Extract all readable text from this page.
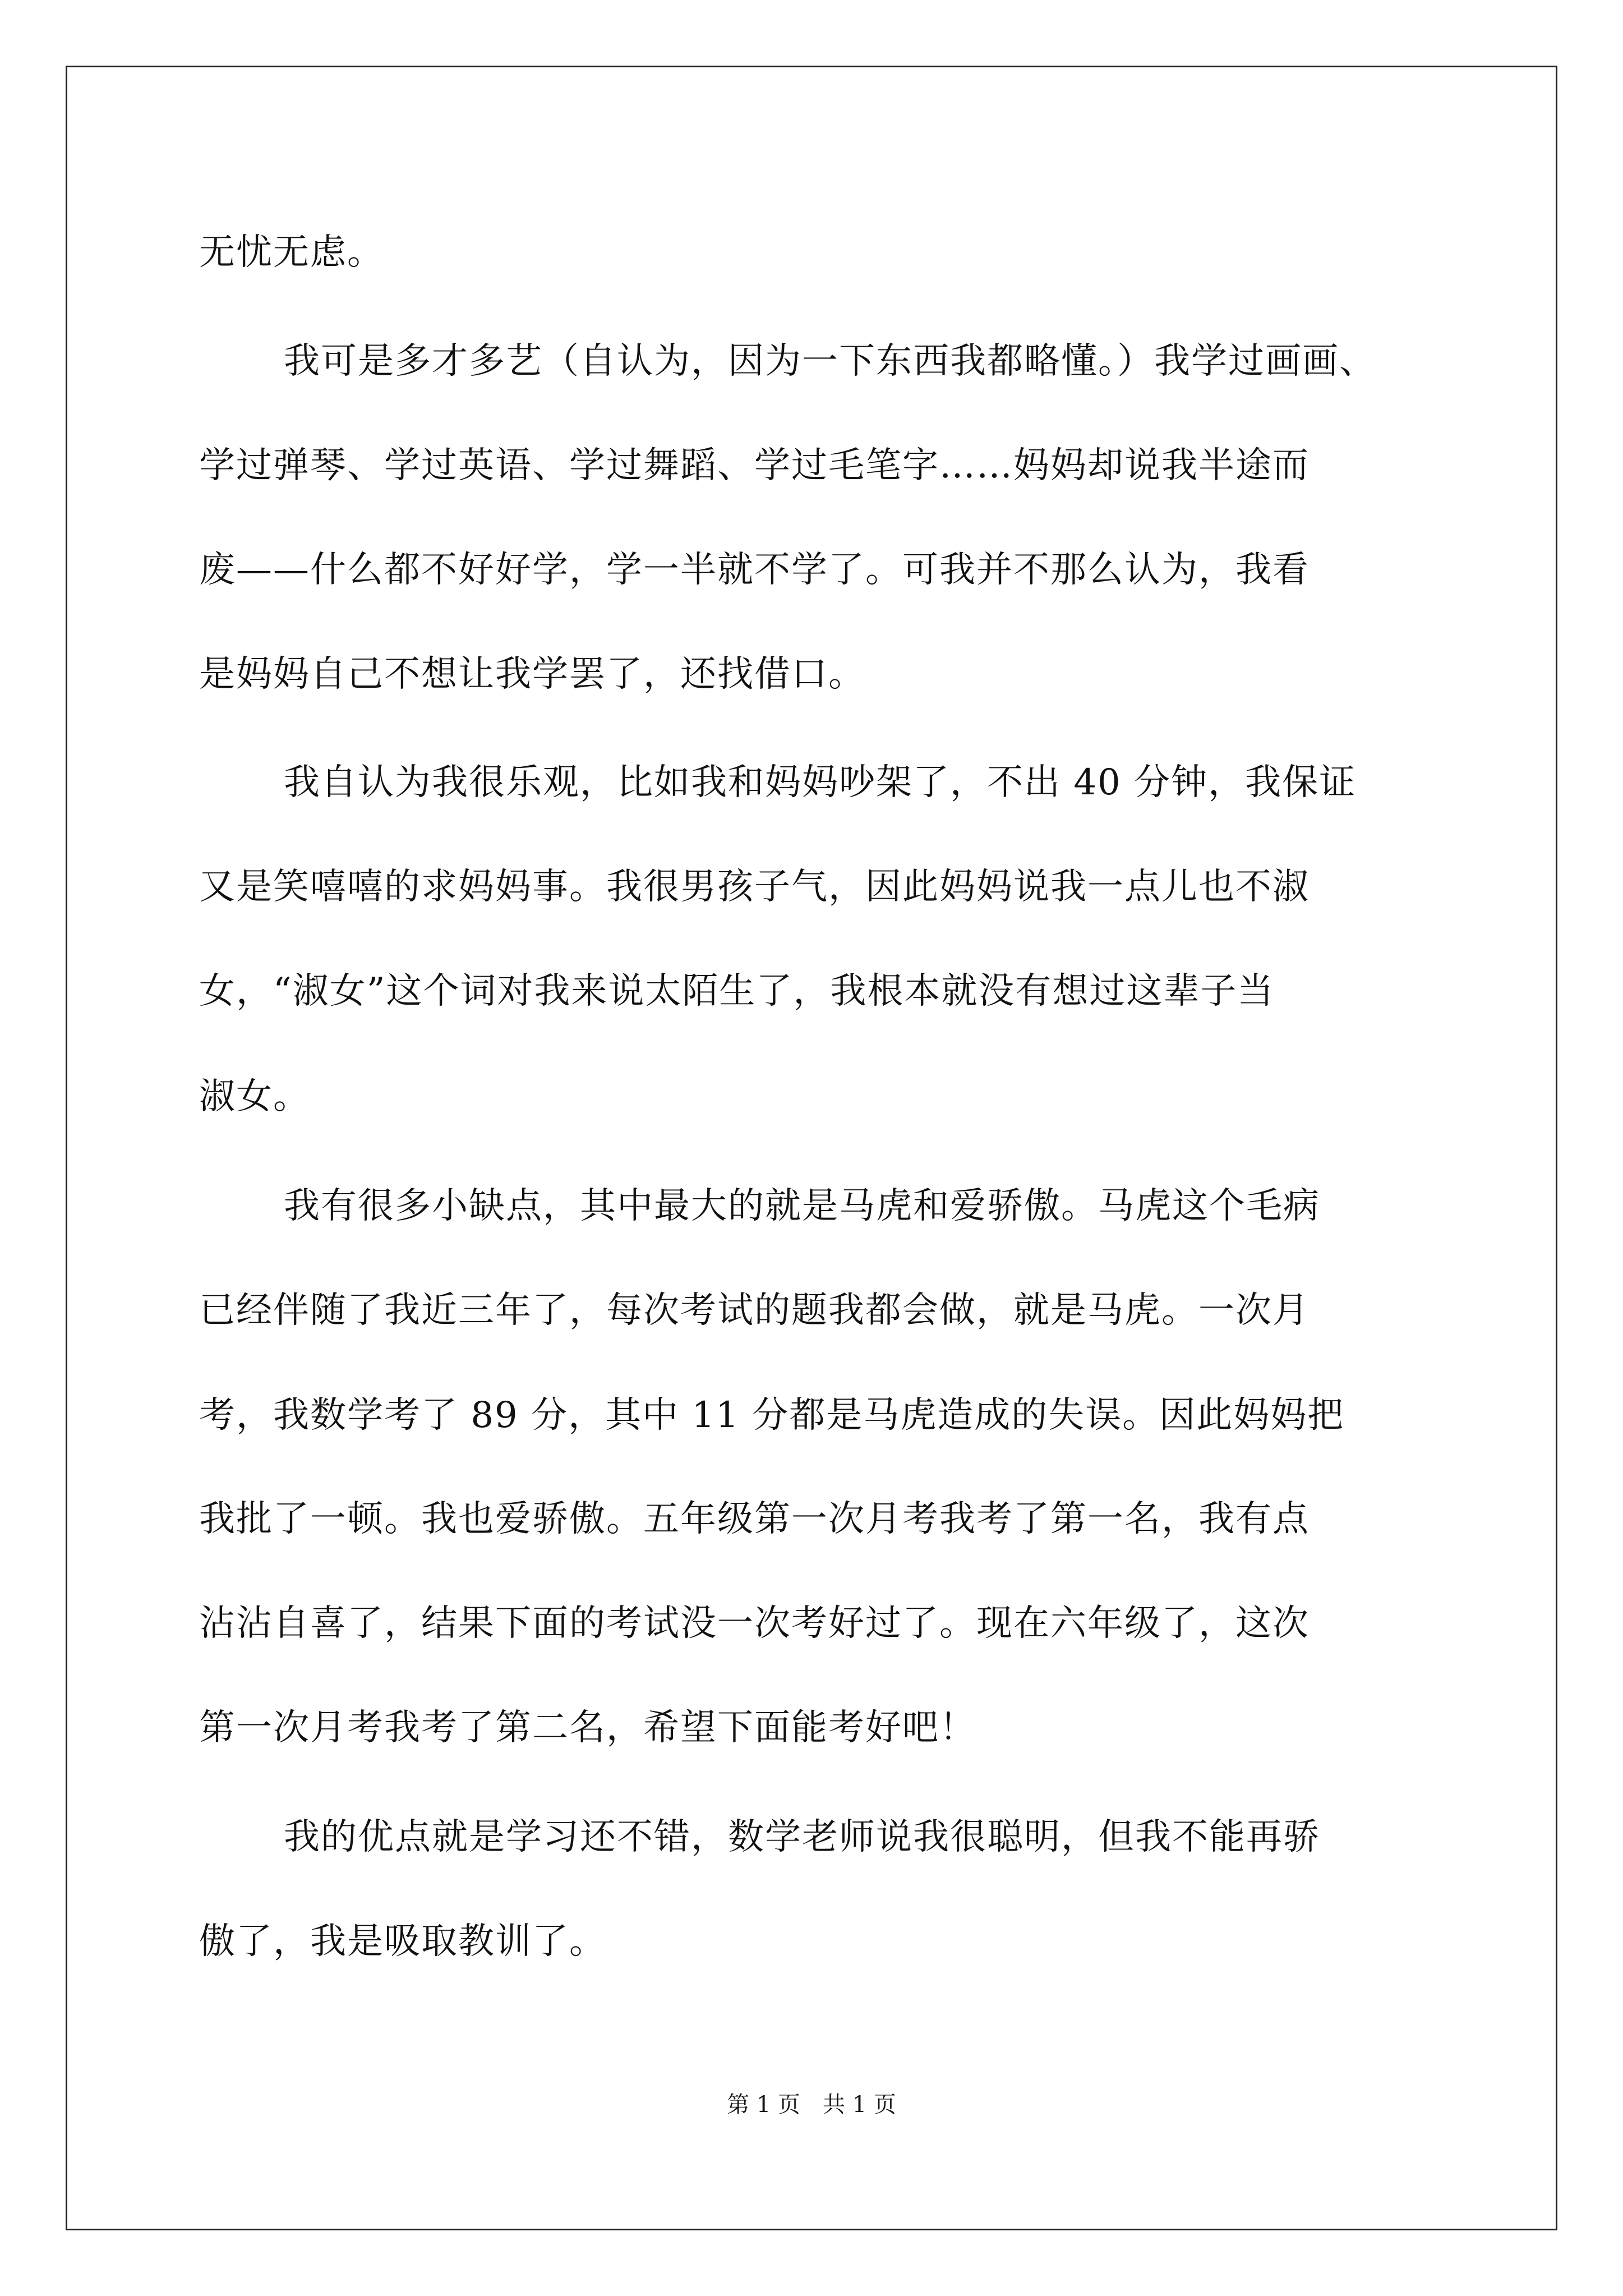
无忧无虑。
我可是多才多艺（自认为，因为一下东西我都略懂。）我学过画画、
学过弹琴、学过英语、学过舞蹈、学过毛笔字……妈妈却说我半途而
废——什么都不好好学，学一半就不学了。可我并不那么认为，我看
是妈妈自己不想让我学罢了，还找借口。
我自认为我很乐观，比如我和妈妈吵架了，不出 40 分钟，我保证
又是笑嘻嘻的求妈妈事。我很男孩子气，因此妈妈说我一点儿也不淑
女，“淑女”这个词对我来说太陌生了，我根本就没有想过这辈子当
淑女。
我有很多小缺点，其中最大的就是马虎和爱骄傲。马虎这个毛病
已经伴随了我近三年了，每次考试的题我都会做，就是马虎。一次月
考，我数学考了 89 分，其中 11 分都是马虎造成的失误。因此妈妈把
我批了一顿。我也爱骄傲。五年级第一次月考我考了第一名，我有点
沾沾自喜了，结果下面的考试没一次考好过了。现在六年级了，这次
第一次月考我考了第二名，希望下面能考好吧！
我的优点就是学习还不错，数学老师说我很聪明，但我不能再骄
傲了，我是吸取教训了。
第 1 页　共 1 页
